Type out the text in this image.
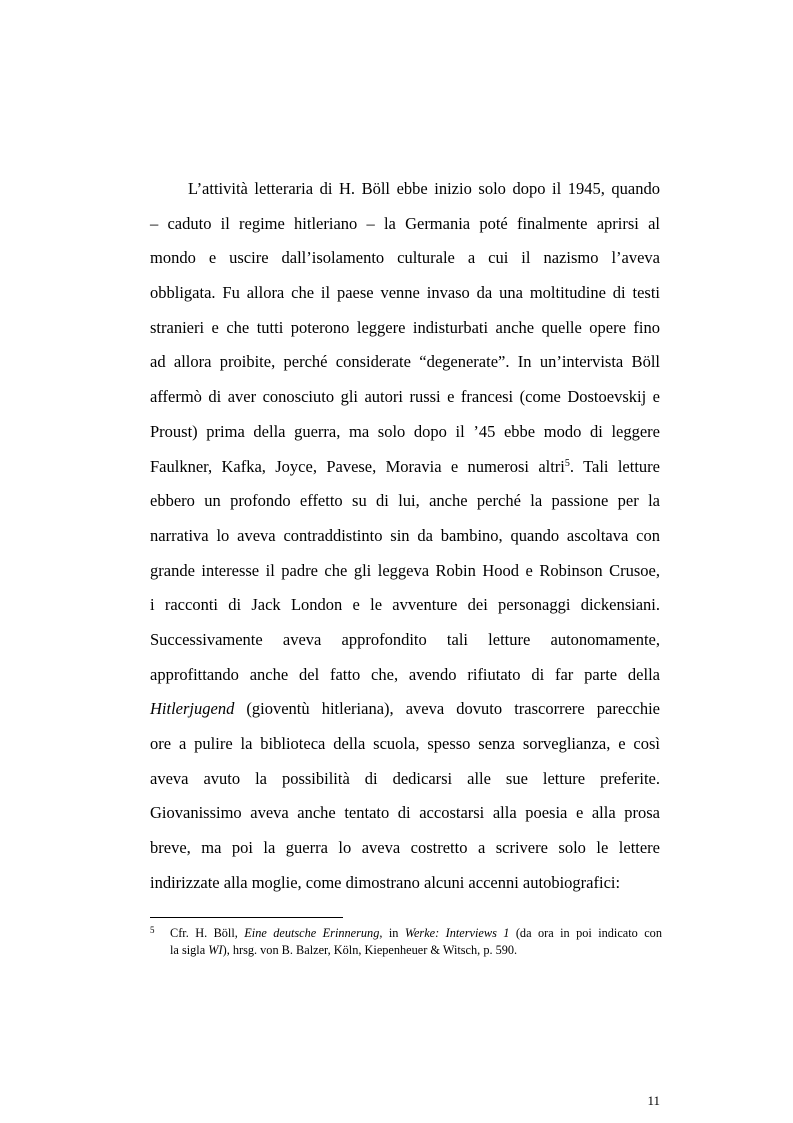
L’attività letteraria di H. Böll ebbe inizio solo dopo il 1945, quando
– caduto il regime hitleriano – la Germania poté finalmente aprirsi al
mondo e uscire dall’isolamento culturale a cui il nazismo l’aveva
obbligata. Fu allora che il paese venne invaso da una moltitudine di testi
stranieri e che tutti poterono leggere indisturbati anche quelle opere fino
ad allora proibite, perché considerate “degenerate”. In un’intervista Böll
affermò di aver conosciuto gli autori russi e francesi (come Dostoevskij e
Proust) prima della guerra, ma solo dopo il ’45 ebbe modo di leggere
Faulkner, Kafka, Joyce, Pavese, Moravia e numerosi altri$^5$. Tali letture
ebbero un profondo effetto su di lui, anche perché la passione per la
narrativa lo aveva contraddistinto sin da bambino, quando ascoltava con
grande interesse il padre che gli leggeva Robin Hood e Robinson Crusoe,
i racconti di Jack London e le avventure dei personaggi dickensiani.
Successivamente aveva approfondito tali letture autonomamente,
approfittando anche del fatto che, avendo rifiutato di far parte della
Hitlerjugend (gioventù hitleriana), aveva dovuto trascorrere parecchie
ore a pulire la biblioteca della scuola, spesso senza sorveglianza, e così
aveva avuto la possibilità di dedicarsi alle sue letture preferite.
Giovanissimo aveva anche tentato di accostarsi alla poesia e alla prosa
breve, ma poi la guerra lo aveva costretto a scrivere solo le lettere
indirizzate alla moglie, come dimostrano alcuni accenni autobiografici:
5 Cfr. H. Böll, Eine deutsche Erinnerung, in Werke: Interviews 1 (da ora in poi indicato con
la sigla WI), hrsg. von B. Balzer, Köln, Kiepenheuer & Witsch, p. 590.
11
